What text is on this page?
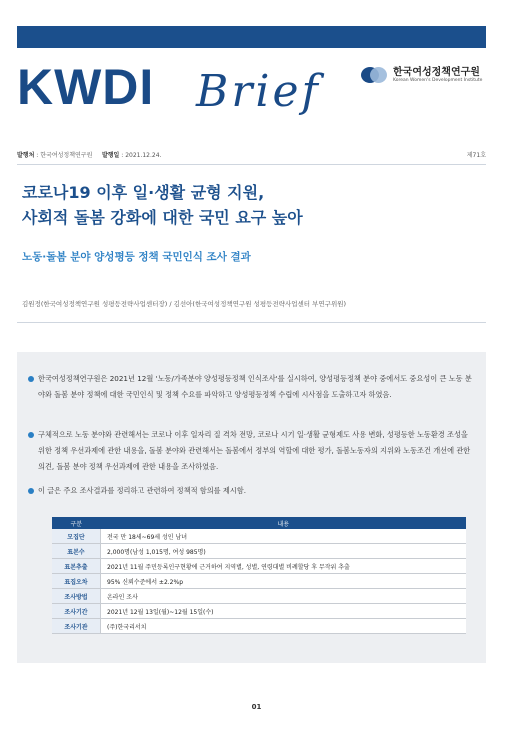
KWDI Brief	한국여성정책연구원
Korean Women's Development Institute
발행처 : 한국여성정책연구원 발행일 : 2021.12.24.	제71호
코로나19 이후 일·생활 균형 지원,
사회적 돌봄 강화에 대한 국민 요구 높아
노동·돌봄 분야 양성평등 정책 국민인식 조사 결과
김원정(한국여성정책연구원 성평등전략사업센터장) / 김선아(한국여성정책연구원 성평등전략사업센터 부연구위원)
한국여성정책연구원은 2021년 12월 '노동/가족분야 양성평등정책 인식조사'를 실시하여, 양성평등정책 분야 중에서도 중요성이 큰 노동 분야와 돌봄 분야 정책에 대한 국민인식 및 정책 수요를 파악하고 양성평등정책 수립에 시사점을 도출하고자 하였음.
구체적으로 노동 분야와 관련해서는 코로나 이후 일자리 질 격차 전망, 코로나 시기 일·생활 균형제도 사용 변화, 성평등한 노동환경 조성을 위한 정책 우선과제에 관한 내용을, 돌봄 분야와 관련해서는 돌봄에서 정부의 역할에 대한 평가, 돌봄노동자의 지위와 노동조건 개선에 관한 의견, 돌봄 분야 정책 우선과제에 관한 내용을 조사하였음.
이 글은 주요 조사결과를 정리하고 관련하여 정책적 함의를 제시함.
구분	내용
모집단	전국 만 18세~69세 성인 남녀
표본수	2,000명(남성 1,015명, 여성 985명)
표본추출	2021년 11월 주민등록인구현황에 근거하여 지역별, 성별, 연령대별 비례할당 후 무작위 추출
표집오차	95% 신뢰수준에서 ±2.2%p
조사방법	온라인 조사
조사기간	2021년 12월 13일(월)~12월 15일(수)
조사기관	(주)한국리서치
01
